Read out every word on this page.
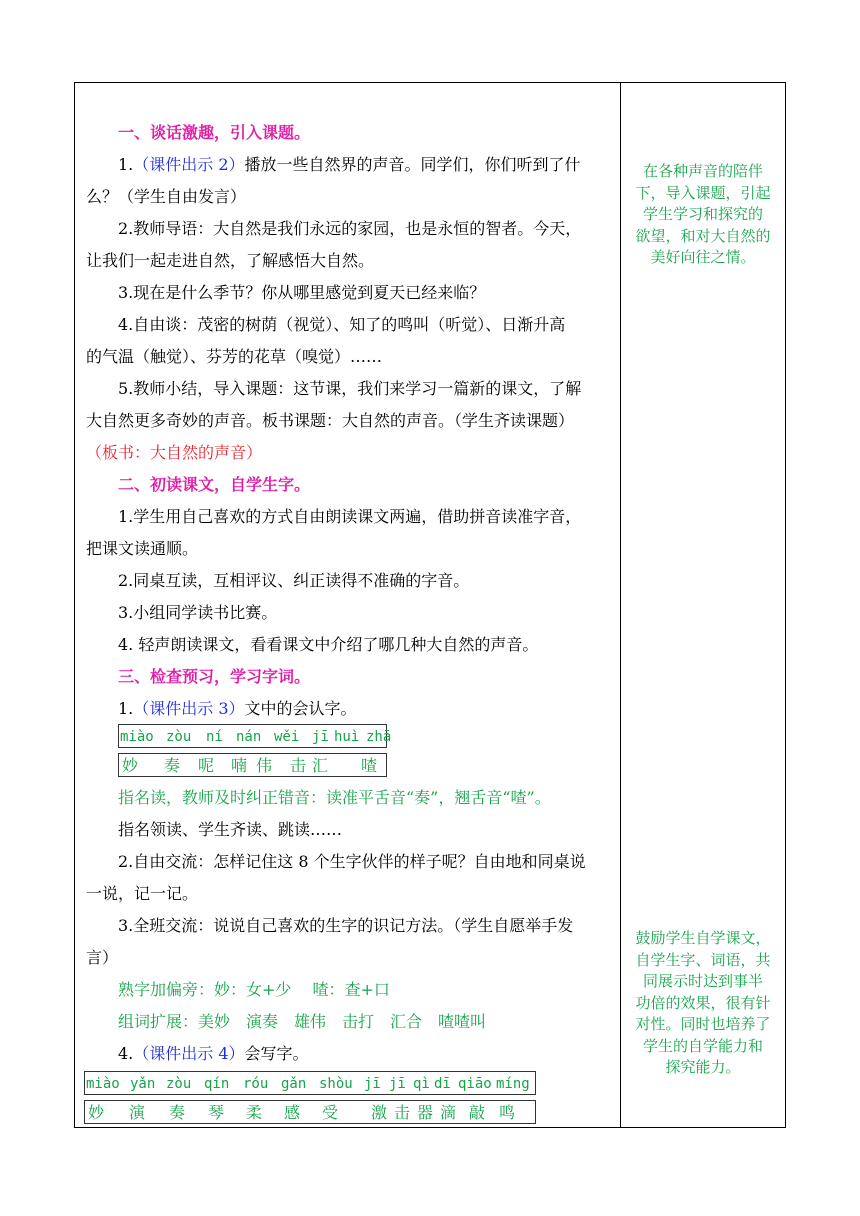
一、谈话激趣，引入课题。
1.（课件出示 2）播放一些自然界的声音。同学们，你们听到了什
么？（学生自由发言）
2.教师导语：大自然是我们永远的家园，也是永恒的智者。今天，
让我们一起走进自然，了解感悟大自然。
3.现在是什么季节？你从哪里感觉到夏天已经来临？
4.自由谈：茂密的树荫（视觉）、知了的鸣叫（听觉）、日渐升高
的气温（触觉）、芬芳的花草（嗅觉）……
5.教师小结，导入课题：这节课，我们来学习一篇新的课文，了解
大自然更多奇妙的声音。板书课题：大自然的声音。（学生齐读课题）
（板书：大自然的声音）
二、初读课文，自学生字。
1.学生用自己喜欢的方式自由朗读课文两遍，借助拼音读准字音，
把课文读通顺。
2.同桌互读，互相评议、纠正读得不准确的字音。
3.小组同学读书比赛。
4. 轻声朗读课文，看看课文中介绍了哪几种大自然的声音。
三、检查预习，学习字词。
1.（课件出示 3）文中的会认字。
miào zòu ní nán wěi jī huì zhā
妙 奏 呢 喃 伟 击 汇 喳
指名读，教师及时纠正错音：读准平舌音“奏”，翘舌音“喳”。
指名领读、学生齐读、跳读……
2.自由交流：怎样记住这 8 个生字伙伴的样子呢？自由地和同桌说
一说，记一记。
3.全班交流：说说自己喜欢的生字的识记方法。（学生自愿举手发
言）
熟字加偏旁：妙：女+少　 喳：查+口
组词扩展：美妙　演奏　雄伟　击打　汇合　喳喳叫
4.（课件出示 4）会写字。
miào yǎn zòu qín róu gǎn shòu jī jī qì dī qiāo míng
妙 演 奏 琴 柔 感 受 激 击 器 滴 敲 鸣
在各种声音的陪伴
下，导入课题，引起
学生学习和探究的
欲望，和对大自然的
美好向往之情。
鼓励学生自学课文，
自学生字、词语，共
同展示时达到事半
功倍的效果，很有针
对性。同时也培养了
学生的自学能力和
探究能力。
